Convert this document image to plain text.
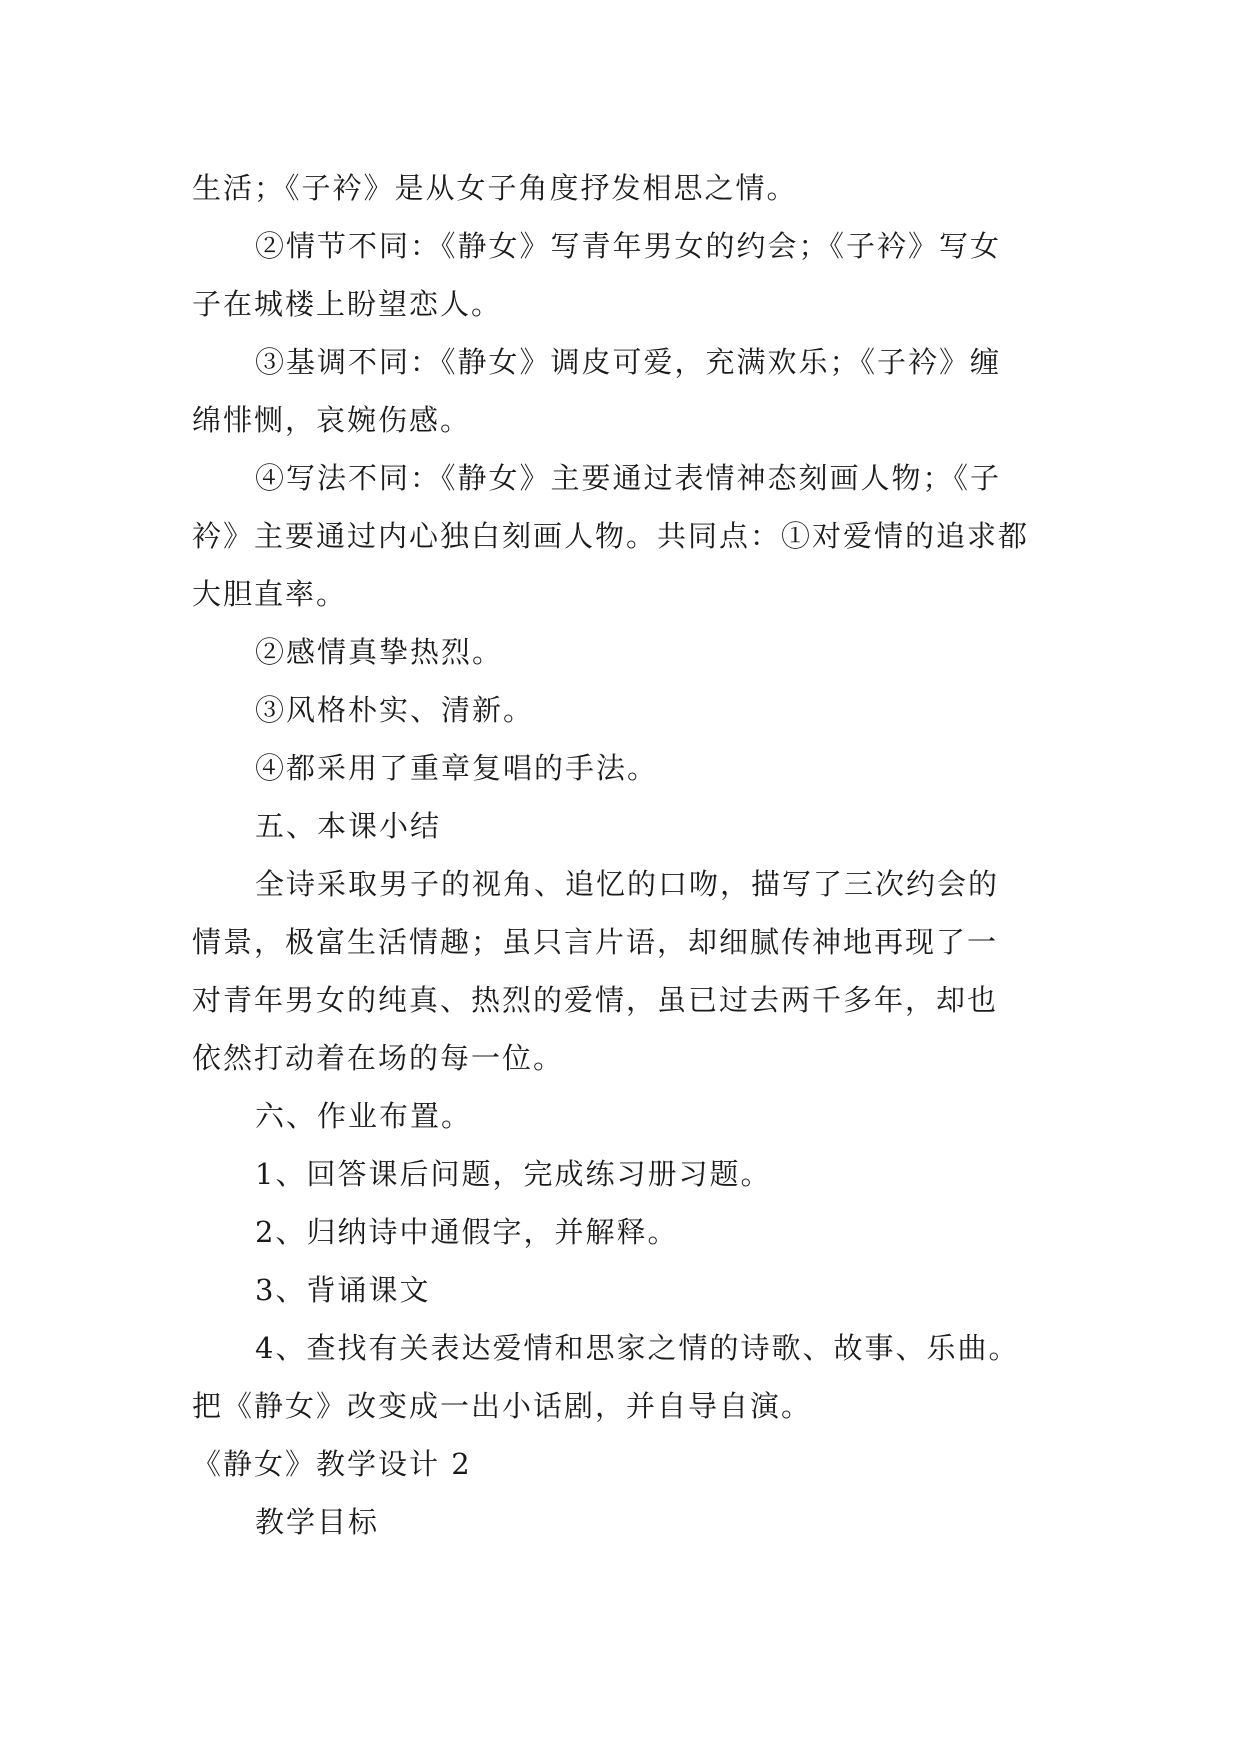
生活；《子衿》是从女子角度抒发相思之情。
②情节不同：《静女》写青年男女的约会；《子衿》写女
子在城楼上盼望恋人。
③基调不同：《静女》调皮可爱，充满欢乐；《子衿》缠
绵悱恻，哀婉伤感。
④写法不同：《静女》主要通过表情神态刻画人物；《子
衿》主要通过内心独白刻画人物。共同点：①对爱情的追求都
大胆直率。
②感情真挚热烈。
③风格朴实、清新。
④都采用了重章复唱的手法。
五、本课小结
全诗采取男子的视角、追忆的口吻，描写了三次约会的
情景，极富生活情趣；虽只言片语，却细腻传神地再现了一
对青年男女的纯真、热烈的爱情，虽已过去两千多年，却也
依然打动着在场的每一位。
六、作业布置。
1、回答课后问题，完成练习册习题。
2、归纳诗中通假字，并解释。
3、背诵课文
4、查找有关表达爱情和思家之情的诗歌、故事、乐曲。
把《静女》改变成一出小话剧，并自导自演。
《静女》教学设计 2
教学目标
